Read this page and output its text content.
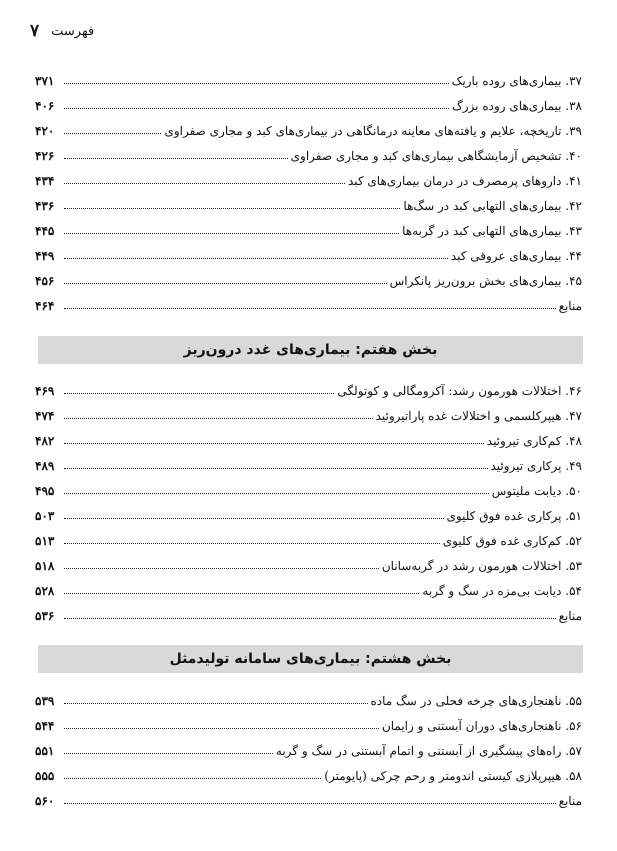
۷ فهرست
۳۷. بیماری‌های روده باریک
۳۷۱
۳۸. بیماری‌های روده بزرگ
۴۰۶
۳۹. تاریخچه، علایم و یافته‌های معاینه درمانگاهی در بیماری‌های کبد و مجاری صفراوی
۴۲۰
۴۰. تشخیص آزمایشگاهی بیماری‌های کبد و مجاری صفراوی
۴۲۶
۴۱. داروهای پرمصرف در درمان بیماری‌های کبد
۴۳۴
۴۲. بیماری‌های التهابی کبد در سگ‌ها
۴۳۶
۴۳. بیماری‌های التهابی کبد در گربه‌ها
۴۴۵
۴۴. بیماری‌های عروقی کبد
۴۴۹
۴۵. بیماری‌های بخش برون‌ریز پانکراس
۴۵۶
منابع
۴۶۴
بخش هفتم: بیماری‌های غدد درون‌ریز
۴۶. اختلالات هورمون رشد: آکرومگالی و کوتولگی
۴۶۹
۴۷. هیپرکلسمی و اختلالات غده پاراتیروئید
۴۷۴
۴۸. کم‌کاری تیروئید
۴۸۲
۴۹. پرکاری تیروئید
۴۸۹
۵۰. دیابت ملیتوس
۴۹۵
۵۱. پرکاری غده فوق کلیوی
۵۰۳
۵۲. کم‌کاری غده فوق کلیوی
۵۱۳
۵۳. اختلالات هورمون رشد در گربه‌سانان
۵۱۸
۵۴. دیابت بی‌مزه در سگ و گربه
۵۲۸
منابع
۵۳۶
بخش هشتم: بیماری‌های سامانه تولیدمثل
۵۵. ناهنجاری‌های چرخه فحلی در سگ ماده
۵۳۹
۵۶. ناهنجاری‌های دوران آبستنی و زایمان
۵۴۴
۵۷. راه‌های پیشگیری از آبستنی و اتمام آبستنی در سگ و گربه
۵۵۱
۵۸. هیپرپلازی کیستی اندومتر و رحم چرکی (پایومتر)
۵۵۵
منابع
۵۶۰
